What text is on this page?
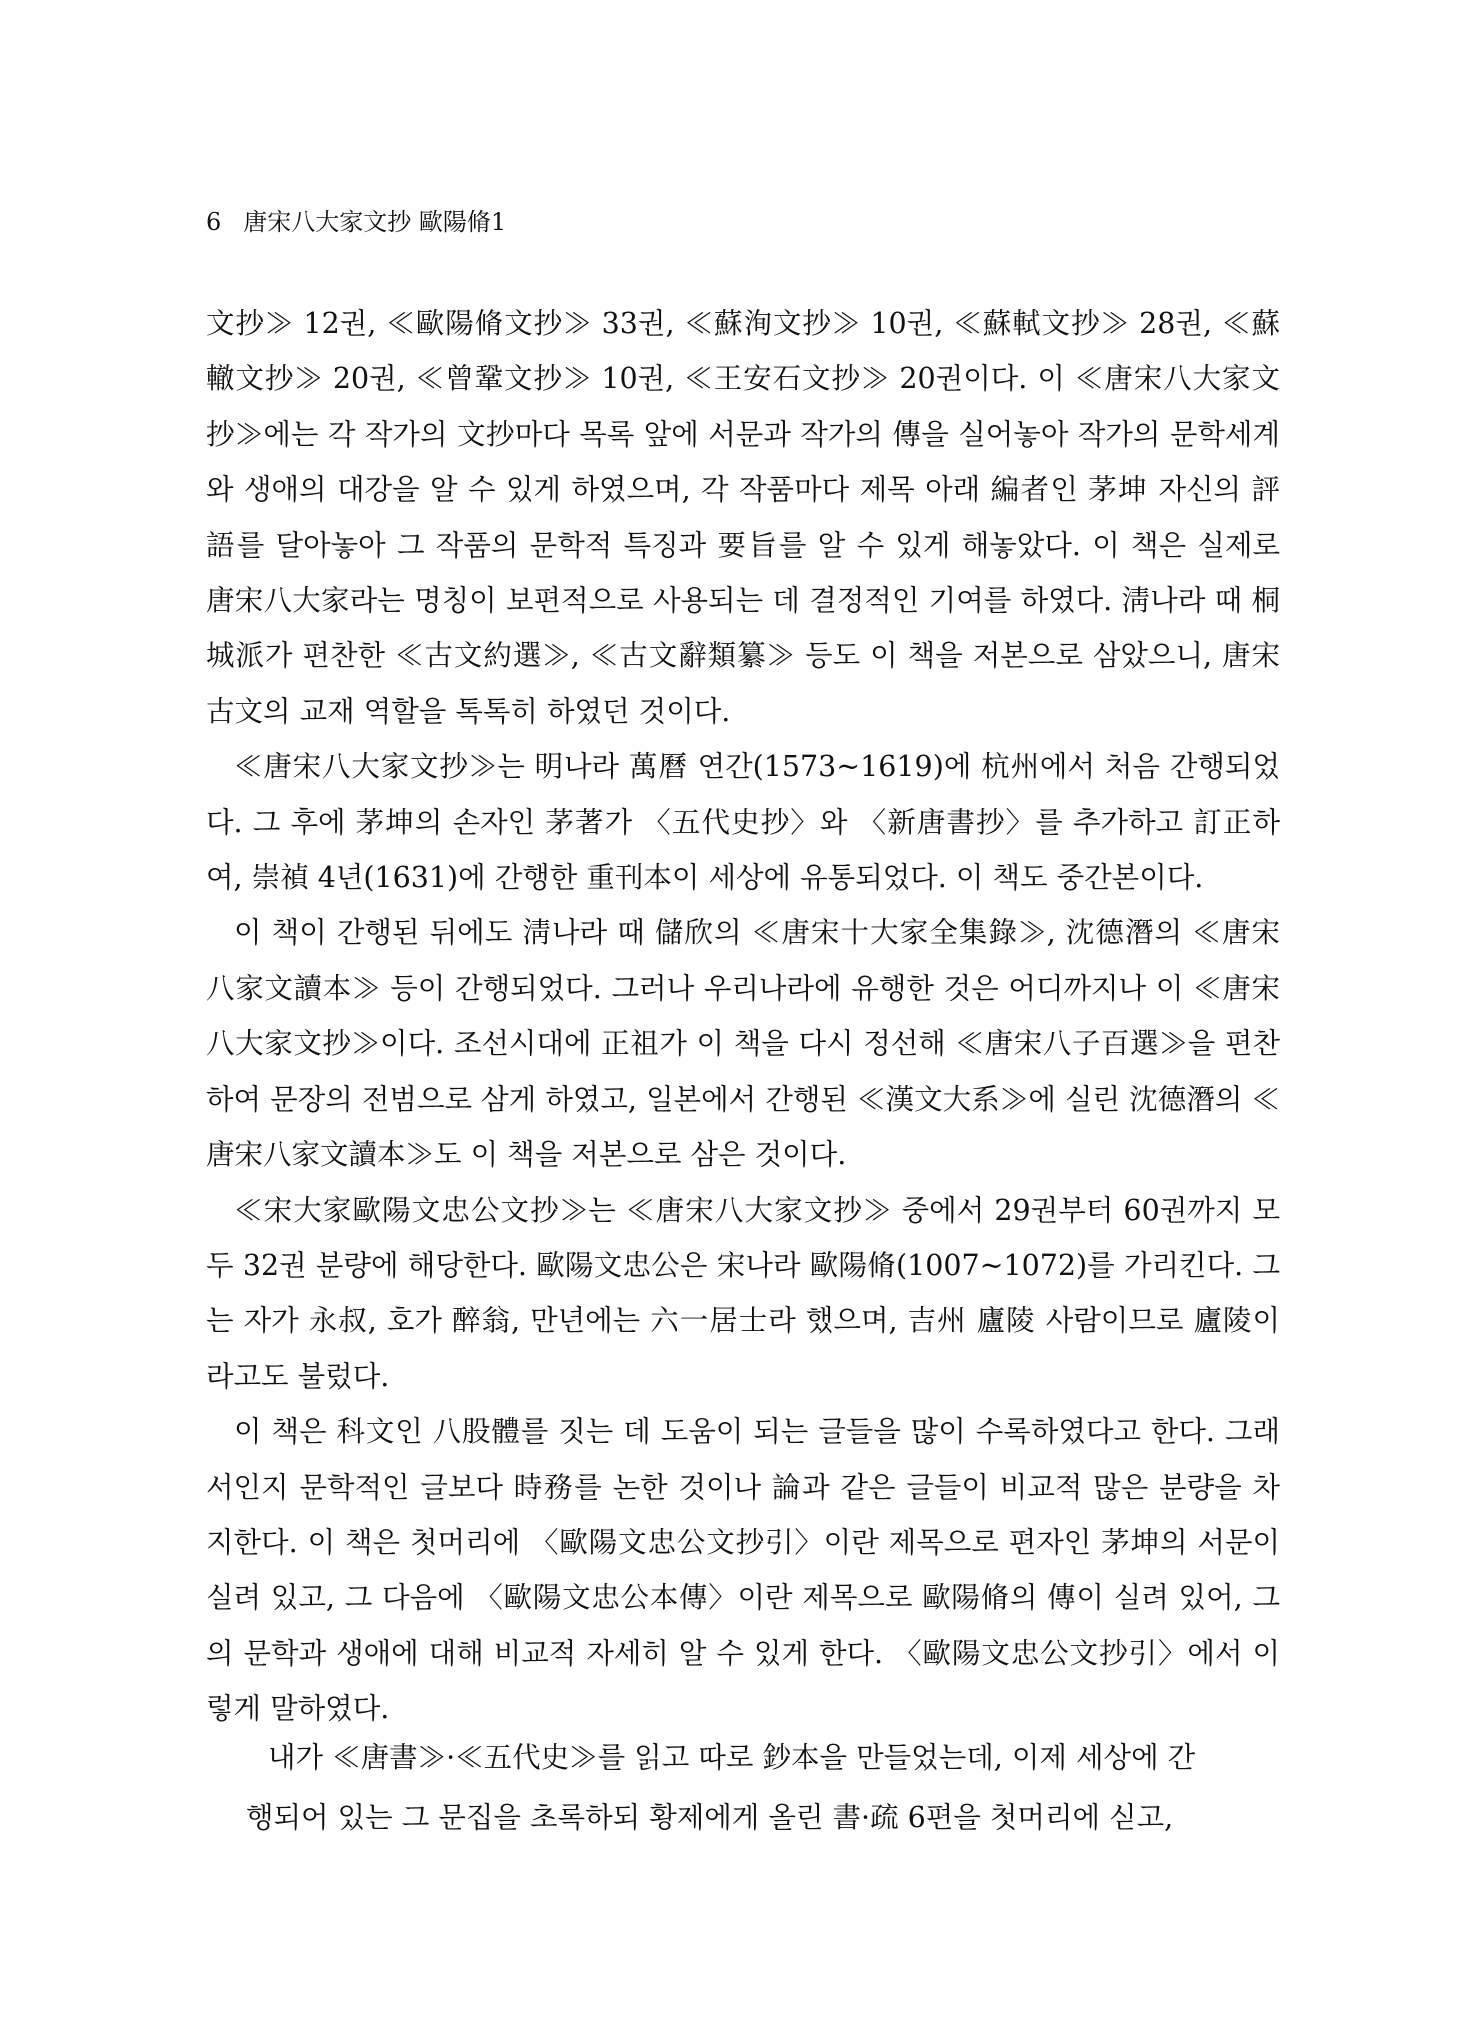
6 唐宋八大家文抄 歐陽脩1

文抄≫ 12권, ≪歐陽脩文抄≫ 33권, ≪蘇洵文抄≫ 10권, ≪蘇軾文抄≫ 28권, ≪蘇轍文抄≫ 20권, ≪曾鞏文抄≫ 10권, ≪王安石文抄≫ 20권이다. 이 ≪唐宋八大家文抄≫에는 각 작가의 文抄마다 목록 앞에 서문과 작가의 傳을 실어놓아 작가의 문학세계와 생애의 대강을 알 수 있게 하였으며, 각 작품마다 제목 아래 編者인 茅坤 자신의 評語를 달아놓아 그 작품의 문학적 특징과 要旨를 알 수 있게 해놓았다. 이 책은 실제로 唐宋八大家라는 명칭이 보편적으로 사용되는 데 결정적인 기여를 하였다. 淸나라 때 桐城派가 편찬한 ≪古文約選≫, ≪古文辭類纂≫ 등도 이 책을 저본으로 삼았으니, 唐宋古文의 교재 역할을 톡톡히 하였던 것이다.

≪唐宋八大家文抄≫는 明나라 萬曆 연간(1573~1619)에 杭州에서 처음 간행되었다. 그 후에 茅坤의 손자인 茅著가 〈五代史抄〉와 〈新唐書抄〉를 추가하고 訂正하여, 崇禎 4년(1631)에 간행한 重刊本이 세상에 유통되었다. 이 책도 중간본이다.

이 책이 간행된 뒤에도 淸나라 때 儲欣의 ≪唐宋十大家全集錄≫, 沈德潛의 ≪唐宋八家文讀本≫ 등이 간행되었다. 그러나 우리나라에 유행한 것은 어디까지나 이 ≪唐宋八大家文抄≫이다. 조선시대에 正祖가 이 책을 다시 정선해 ≪唐宋八子百選≫을 편찬하여 문장의 전범으로 삼게 하였고, 일본에서 간행된 ≪漢文大系≫에 실린 沈德潛의 ≪唐宋八家文讀本≫도 이 책을 저본으로 삼은 것이다.

≪宋大家歐陽文忠公文抄≫는 ≪唐宋八大家文抄≫ 중에서 29권부터 60권까지 모두 32권 분량에 해당한다. 歐陽文忠公은 宋나라 歐陽脩(1007~1072)를 가리킨다. 그는 자가 永叔, 호가 醉翁, 만년에는 六一居士라 했으며, 吉州 廬陵 사람이므로 廬陵이라고도 불렀다.

이 책은 科文인 八股體를 짓는 데 도움이 되는 글들을 많이 수록하였다고 한다. 그래서인지 문학적인 글보다 時務를 논한 것이나 論과 같은 글들이 비교적 많은 분량을 차지한다. 이 책은 첫머리에 〈歐陽文忠公文抄引〉이란 제목으로 편자인 茅坤의 서문이 실려 있고, 그 다음에 〈歐陽文忠公本傳〉이란 제목으로 歐陽脩의 傳이 실려 있어, 그의 문학과 생애에 대해 비교적 자세히 알 수 있게 한다. 〈歐陽文忠公文抄引〉에서 이렇게 말하였다.

내가 ≪唐書≫·≪五代史≫를 읽고 따로 鈔本을 만들었는데, 이제 세상에 간

행되어 있는 그 문집을 초록하되 황제에게 올린 書·疏 6편을 첫머리에 싣고,
